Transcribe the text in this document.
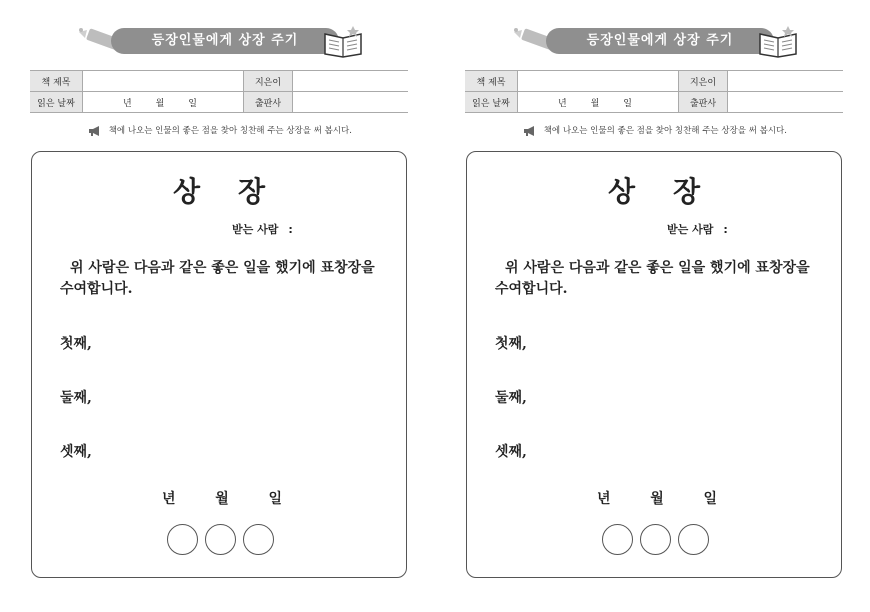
등장인물에게 상장 주기
책 제목		지은이	
읽은 날짜	년 월 일	출판사	
책에 나오는 인물의 좋은 점을 찾아 칭찬해 주는 상장을 써 봅시다.
상장
받는 사람 :
위 사람은 다음과 같은 좋은 일을 했기에 표창장을
수여합니다.
첫째,
둘째,
셋째,
년	월	일
등장인물에게 상장 주기
책 제목		지은이	
읽은 날짜	년 월 일	출판사	
책에 나오는 인물의 좋은 점을 찾아 칭찬해 주는 상장을 써 봅시다.
상장
받는 사람 :
위 사람은 다음과 같은 좋은 일을 했기에 표창장을
수여합니다.
첫째,
둘째,
셋째,
년	월	일
